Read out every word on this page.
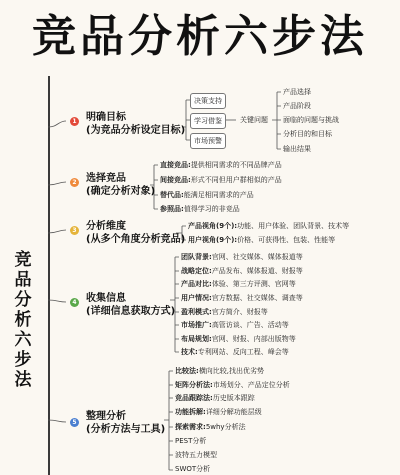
竞品分析六步法
竞
品
分
析
六
步
法
1 明确目标
(为竞品分析设定目标)
决策支持
学习借鉴
市场预警
关键问题
产品选择
产品阶段
面临的问题与挑战
分析目的和目标
输出结果
2 选择竞品
(确定分析对象)
直接竞品:提供相同需求的不同品牌产品
间接竞品:形式不同但用户群相似的产品
替代品:能满足相同需求的产品
参照品:值得学习的非竞品
3 分析维度
(从多个角度分析竞品)
产品视角(9个):功能、用户体验、团队背景、技术等
用户视角(9个):价格、可获得性、包装、性能等
4 收集信息
(详细信息获取方式)
团队背景:官网、社交媒体、媒体报道等
战略定位:产品发布、媒体报道、财报等
产品对比:体验、第三方评测、官网等
用户情况:官方数据、社交媒体、调查等
盈利模式:官方简介、财报等
市场推广:高管访谈、广告、活动等
布局规划:官网、财报、内部出版物等
技术:专利网站、反向工程、峰会等
5
整理分析
(分析方法与工具)
比较法:横向比较,找出优劣势
矩阵分析法:市场划分、产品定位分析
竞品跟踪法:历史版本跟踪
功能拆解:详细分解功能层级
探索需求:5why分析法
PEST分析
波特五力模型
SWOT分析
